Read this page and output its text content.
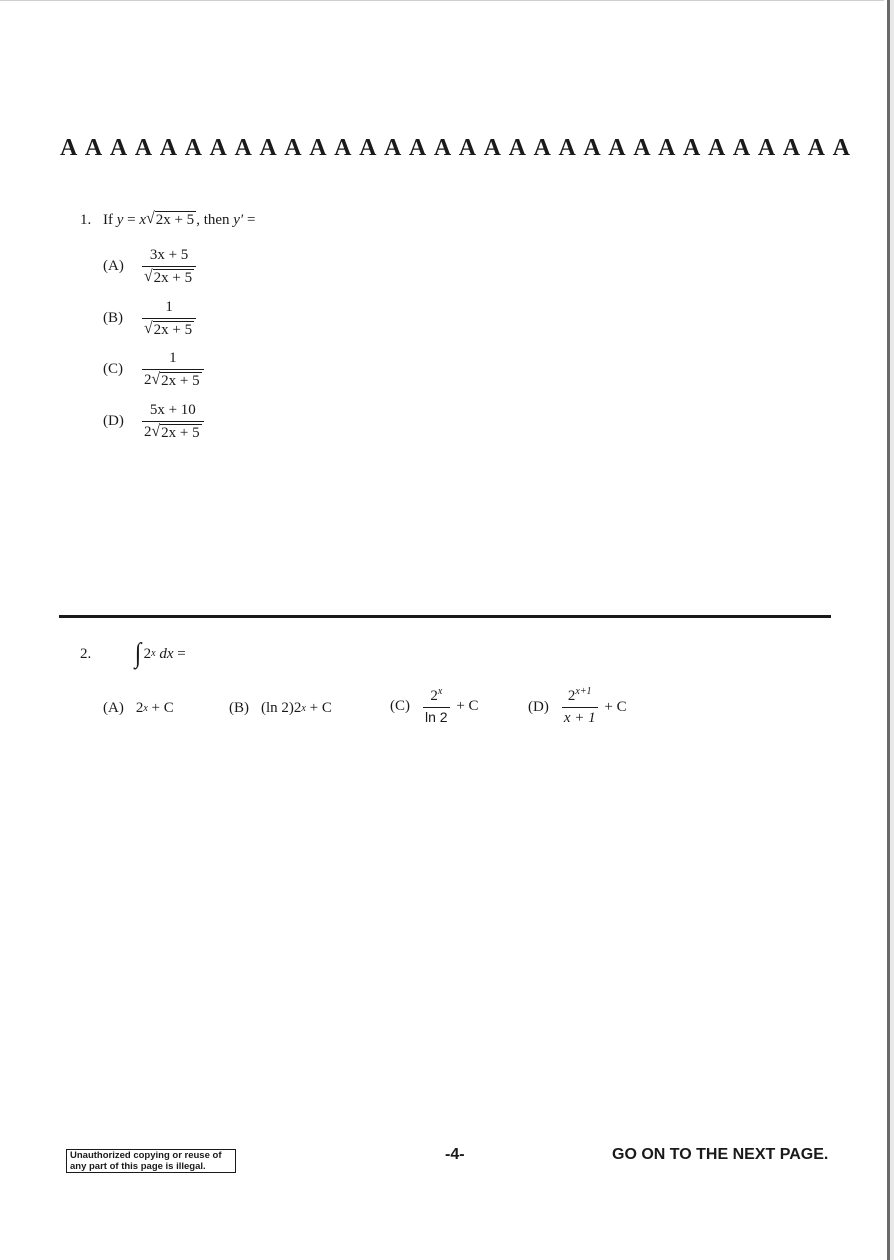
A A A A A A A A A A A A A A A A A A A A A A A A A A A A A A A A
1. If
y = x √ 2x + 5 , then
y′ =
(A)	$\frac{3x + 5}{√ 2x + 5}$
(B)	$\frac{1}{√ 2x + 5}$
(C)	$\frac{1}{2 √ 2x + 5}$
(D)	$\frac{5x + 10}{2 √ 2x + 5}$
2.	∫ 2 x
dx =
(A) 2 x + C	(B) (ln 2)2 x + C	$(C) \frac{2^x}{\ln 2} + C$	$(D) \frac{2^{x+1}}{x + 1} + C$
Unauthorized copying or reuse of
any part of this page is illegal.
-4-	GO ON TO THE NEXT PAGE.
